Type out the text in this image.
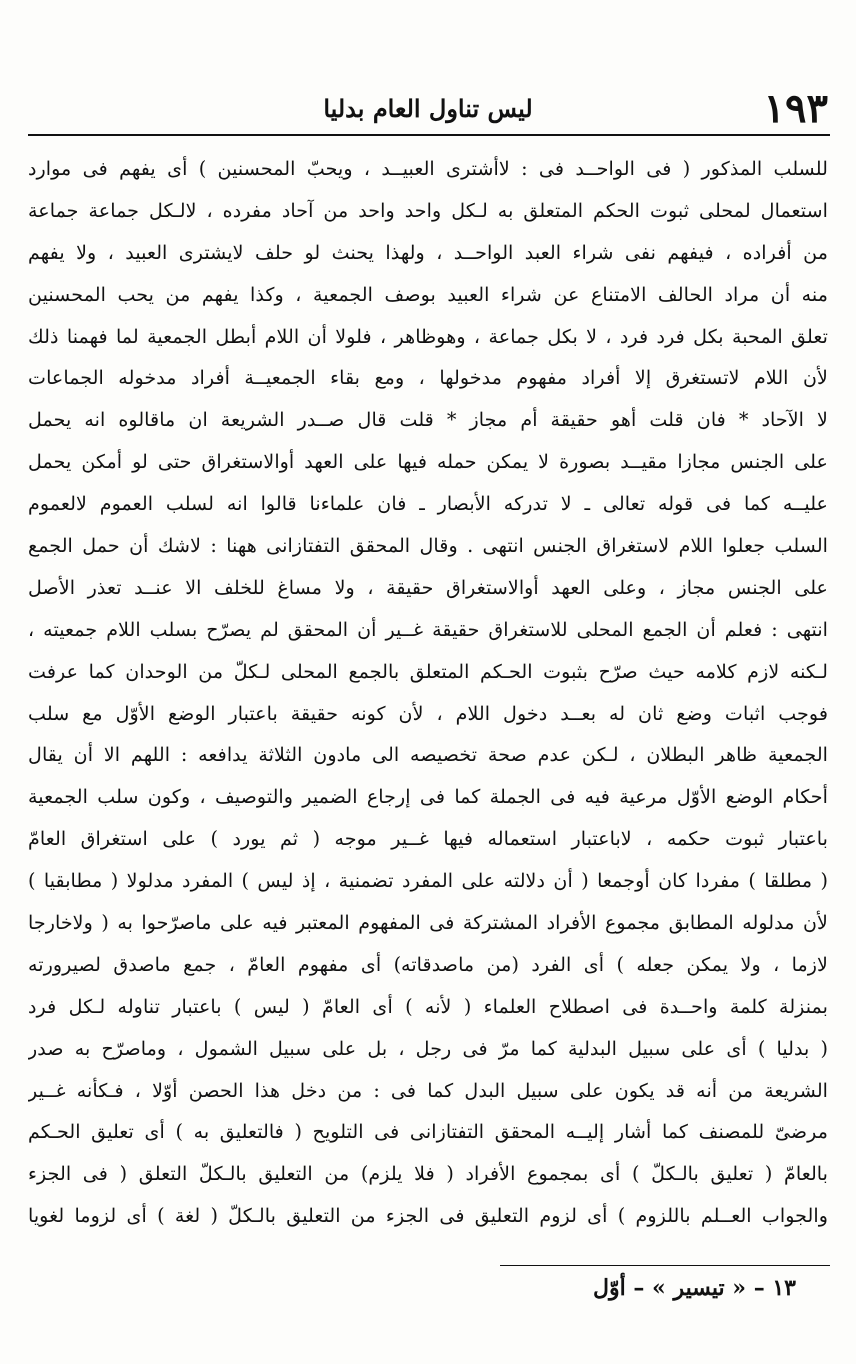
١٩٣
ليس تناول العام بدليا
للسلب المذكور ( فى الواحــد فى : لاأشترى العبيــد ، ويحبّ المحسنين ) أى يفهم فى موارد
استعمال لمحلى ثبوت الحكم المتعلق به لـكل واحد واحد من آحاد مفرده ، لالـكل جماعة جماعة
من أفراده ، فيفهم نفى شراء العبد الواحــد ، ولهذا يحنث لو حلف لايشترى العبيد ، ولا يفهم
منه أن مراد الحالف الامتناع عن شراء العبيد بوصف الجمعية ، وكذا يفهم من يحب المحسنين
تعلق المحبة بكل فرد فرد ، لا بكل جماعة ، وهوظاهر ، فلولا أن اللام أبطل الجمعية لما فهمنا ذلك
لأن اللام لاتستغرق إلا أفراد مفهوم مدخولها ، ومع بقاء الجمعيــة أفراد مدخوله الجماعات
لا الآحاد * فان قلت أهو حقيقة أم مجاز * قلت قال صــدر الشريعة ان ماقالوه انه يحمل
على الجنس مجازا مقيــد بصورة لا يمكن حمله فيها على العهد أوالاستغراق حتى لو أمكن يحمل
عليــه كما فى قوله تعالى ـ لا تدركه الأبصار ـ فان علماءنا قالوا انه لسلب العموم لالعموم
السلب جعلوا اللام لاستغراق الجنس انتهى . وقال المحقق التفتازانى ههنا : لاشك أن حمل الجمع
على الجنس مجاز ، وعلى العهد أوالاستغراق حقيقة ، ولا مساغ للخلف الا عنــد تعذر الأصل
انتهى : فعلم أن الجمع المحلى للاستغراق حقيقة غــير أن المحقق لم يصرّح بسلب اللام جمعيته ،
لـكنه لازم كلامه حيث صرّح بثبوت الحـكم المتعلق بالجمع المحلى لـكلّ من الوحدان كما عرفت
فوجب اثبات وضع ثان له بعــد دخول اللام ، لأن كونه حقيقة باعتبار الوضع الأوّل مع سلب
الجمعية ظاهر البطلان ، لـكن عدم صحة تخصيصه الى مادون الثلاثة يدافعه : اللهم الا أن يقال
أحكام الوضع الأوّل مرعية فيه فى الجملة كما فى إرجاع الضمير والتوصيف ، وكون سلب الجمعية
باعتبار ثبوت حكمه ، لاباعتبار استعماله فيها غــير موجه ( ثم يورد ) على استغراق العامّ
( مطلقا ) مفردا كان أوجمعا ( أن دلالته على المفرد تضمنية ، إذ ليس ) المفرد مدلولا ( مطابقيا )
لأن مدلوله المطابق مجموع الأفراد المشتركة فى المفهوم المعتبر فيه على ماصرّحوا به ( ولاخارجا
لازما ، ولا يمكن جعله ) أى الفرد (من ماصدقاته) أى مفهوم العامّ ، جمع ماصدق لصيرورته
بمنزلة كلمة واحــدة فى اصطلاح العلماء ( لأنه ) أى العامّ ( ليس ) باعتبار تناوله لـكل فرد
( بدليا ) أى على سبيل البدلية كما مرّ فى رجل ، بل على سبيل الشمول ، وماصرّح به صدر
الشريعة من أنه قد يكون على سبيل البدل كما فى : من دخل هذا الحصن أوّلا ، فـكأنه غــير
مرضىّ للمصنف كما أشار إليــه المحقق التفتازانى فى التلويح ( فالتعليق به ) أى تعليق الحـكم
بالعامّ ( تعليق بالـكلّ ) أى بمجموع الأفراد ( فلا يلزم) من التعليق بالـكلّ التعلق ( فى الجزء
والجواب العــلم باللزوم ) أى لزوم التعليق فى الجزء من التعليق بالـكلّ ( لغة ) أى لزوما لغويا
١٣ – « تيسير » – أوّل
